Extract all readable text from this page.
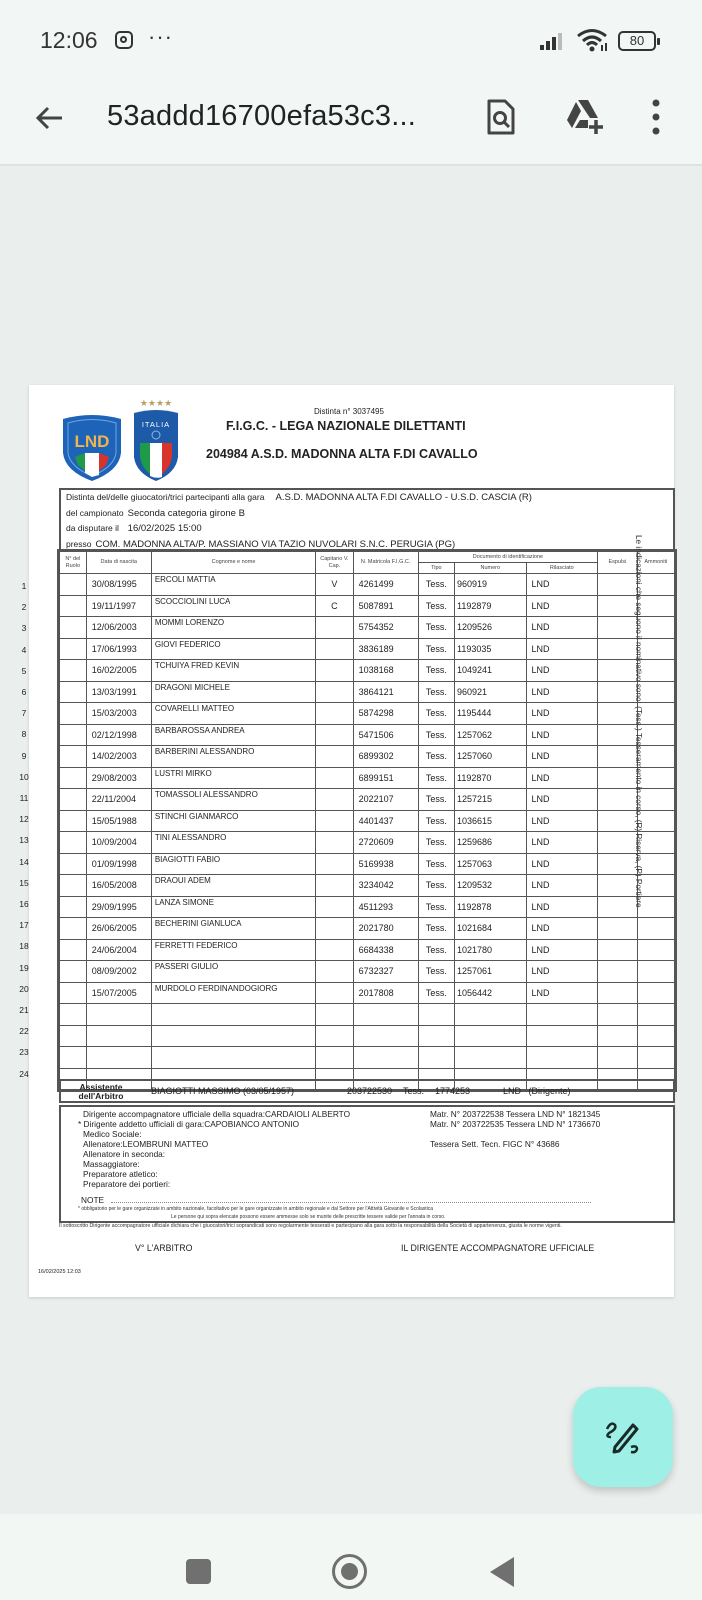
12:06 ···	80
53addd16700efa53c3...
LND
★★★★
ITALIA
Distinta n° 3037495
F.I.G.C. - LEGA NAZIONALE DILETTANTI
204984 A.S.D. MADONNA ALTA F.DI CAVALLO
Distinta del/delle giuocatori/trici partecipanti alla gara A.S.D. MADONNA ALTA F.DI CAVALLO - U.S.D. CASCIA (R)
del campionato Seconda categoria girone B
da disputare il 16/02/2025 15:00
presso COM. MADONNA ALTA/P. MASSIANO VIA TAZIO NUVOLARI S.N.C. PERUGIA (PG)
N° del Ruolo	Data di nascita	Cognome e nome	Capitano V. Cap.	N. Matricola F.I.G.C.	Documento di identificazione			Espulsi	Ammoniti
					Tipo	Numero	Rilasciato		
	30/08/1995	ERCOLI MATTIA	V	4261499	Tess.	960919	LND		
	19/11/1997	SCOCCIOLINI LUCA	C	5087891	Tess.	1192879	LND		
	12/06/2003	MOMMI LORENZO		5754352	Tess.	1209526	LND		
	17/06/1993	GIOVI FEDERICO		3836189	Tess.	1193035	LND		
	16/02/2005	TCHUIYA FRED KEVIN		1038168	Tess.	1049241	LND		
	13/03/1991	DRAGONI MICHELE		3864121	Tess.	960921	LND		
	15/03/2003	COVARELLI MATTEO		5874298	Tess.	1195444	LND		
	02/12/1998	BARBAROSSA ANDREA		5471506	Tess.	1257062	LND		
	14/02/2003	BARBERINI ALESSANDRO		6899302	Tess.	1257060	LND		
	29/08/2003	LUSTRI MIRKO		6899151	Tess.	1192870	LND		
	22/11/2004	TOMASSOLI ALESSANDRO		2022107	Tess.	1257215	LND		
	15/05/1988	STINCHI GIANMARCO		4401437	Tess.	1036615	LND		
	10/09/2004	TINI ALESSANDRO		2720609	Tess.	1259686	LND		
	01/09/1998	BIAGIOTTI FABIO		5169938	Tess.	1257063	LND		
	16/05/2008	DRAOUI ADEM		3234042	Tess.	1209532	LND		
	29/09/1995	LANZA SIMONE		4511293	Tess.	1192878	LND		
	26/06/2005	BECHERINI GIANLUCA		2021780	Tess.	1021684	LND		
	24/06/2004	FERRETTI FEDERICO		6684338	Tess.	1021780	LND		
	08/09/2002	PASSERI GIULIO		6732327	Tess.	1257061	LND		
	15/07/2005	MURDOLO FERDINANDOGIORG		2017808	Tess.	1056442	LND		

1
2
3
4
5
6
7
8
9
10
11
12
13
14
15
16
17
18
19
20
21
22
23
24
Assistente dell'Arbitro	BIAGIOTTI MASSIMO (03/05/1957)	203722530 Tess. 1774253	LND   (Dirigente)
Dirigente accompagnatore ufficiale della squadra:CARDAIOLI ALBERTO	Matr. N° 203722538 Tessera LND N° 1821345
* Dirigente addetto ufficiali di gara:CAPOBIANCO ANTONIO	Matr. N° 203722535 Tessera LND N° 1736670
Medico Sociale:
Allenatore:LEOMBRUNI MATTEO	Tessera Sett. Tecn. FIGC N° 43686
Allenatore in seconda:
Massaggiatore:
Preparatore atletico:
Preparatore dei portieri:
NOTE
* obbligatorio per le gare organizzate in ambito nazionale, facoltativo per le gare organizzate in ambito regionale e dal Settore per l'Attività Giovanile e Scolastica
Le persone qui sopra elencate possono essere ammesse solo se munite delle prescritte tessere valide per l'annata in corso.
Il sottoscritto Dirigente accompagnatore ufficiale dichiara che i giuocatori/trici soprandicati sono regolarmente tesserati e partecipano alla gara sotto la responsabilità della Società di appartenenza, giusta le norme vigenti.
V° L'ARBITRO	IL DIRIGENTE ACCOMPAGNATORE UFFICIALE
16/02/2025 12:03
Le indicazioni che seguono il nominativo sono: (Tess.) Tesseramento in corso, (R) Riserva, (P) Portiere
